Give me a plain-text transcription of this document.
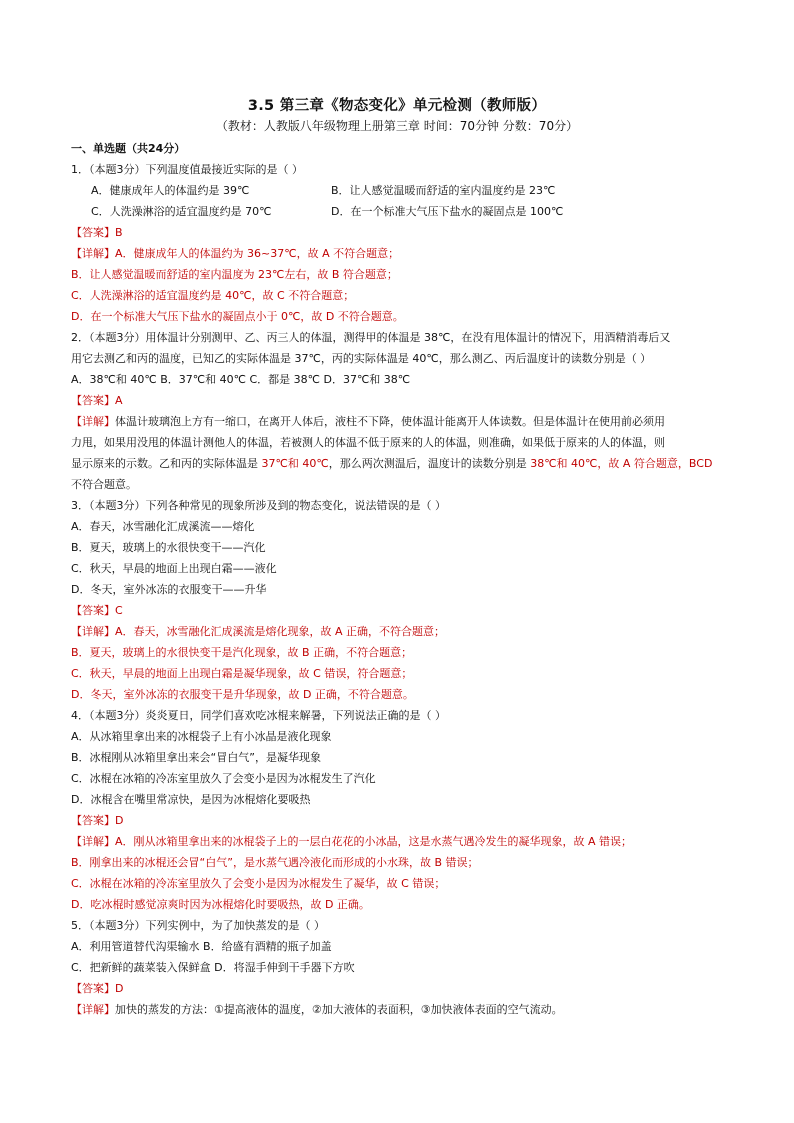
3.5 第三章《物态变化》单元检测（教师版）
（教材：人教版八年级物理上册第三章 时间：70分钟 分数：70分）
一、单选题（共24分）
1．（本题3分）下列温度值最接近实际的是（ ）
A．健康成年人的体温约是 39℃	B．让人感觉温暖而舒适的室内温度约是 23℃
C．人洗澡淋浴的适宜温度约是 70℃	D．在一个标准大气压下盐水的凝固点是 100℃
【答案】B
【详解】A．健康成年人的体温约为 36~37℃，故 A 不符合题意；
B．让人感觉温暖而舒适的室内温度为 23℃左右，故 B 符合题意；
C．人洗澡淋浴的适宜温度约是 40℃，故 C 不符合题意；
D．在一个标准大气压下盐水的凝固点小于 0℃，故 D 不符合题意。
2．（本题3分）用体温计分别测甲、乙、丙三人的体温，测得甲的体温是 38℃，在没有甩体温计的情况下，用酒精消毒后又
用它去测乙和丙的温度，已知乙的实际体温是 37℃，丙的实际体温是 40℃，那么测乙、丙后温度计的读数分别是（ ）
A．38℃和 40℃ B．37℃和 40℃ C．都是 38℃ D．37℃和 38℃
【答案】A
【详解】体温计玻璃泡上方有一缩口，在离开人体后，液柱不下降，使体温计能离开人体读数。但是体温计在使用前必须用
力甩，如果用没甩的体温计测他人的体温，若被测人的体温不低于原来的人的体温，则准确，如果低于原来的人的体温，则
显示原来的示数。乙和丙的实际体温是 37℃和 40℃，那么两次测温后，温度计的读数分别是 38℃和 40℃，故 A 符合题意，BCD
不符合题意。
3．（本题3分）下列各种常见的现象所涉及到的物态变化，说法错误的是（ ）
A．春天，冰雪融化汇成溪流——熔化
B．夏天，玻璃上的水很快变干——汽化
C．秋天，早晨的地面上出现白霜——液化
D．冬天，室外冰冻的衣服变干——升华
【答案】C
【详解】A．春天，冰雪融化汇成溪流是熔化现象，故 A 正确，不符合题意；
B．夏天，玻璃上的水很快变干是汽化现象，故 B 正确，不符合题意；
C．秋天，早晨的地面上出现白霜是凝华现象，故 C 错误，符合题意；
D．冬天，室外冰冻的衣服变干是升华现象，故 D 正确，不符合题意。
4．（本题3分）炎炎夏日，同学们喜欢吃冰棍来解暑，下列说法正确的是（ ）
A．从冰箱里拿出来的冰棍袋子上有小冰晶是液化现象
B．冰棍刚从冰箱里拿出来会“冒白气”，是凝华现象
C．冰棍在冰箱的冷冻室里放久了会变小是因为冰棍发生了汽化
D．冰棍含在嘴里常凉快，是因为冰棍熔化要吸热
【答案】D
【详解】A．刚从冰箱里拿出来的冰棍袋子上的一层白花花的小冰晶，这是水蒸气遇冷发生的凝华现象，故 A 错误；
B．刚拿出来的冰棍还会冒“白气”，是水蒸气遇冷液化而形成的小水珠，故 B 错误；
C．冰棍在冰箱的冷冻室里放久了会变小是因为冰棍发生了凝华，故 C 错误；
D．吃冰棍时感觉凉爽时因为冰棍熔化时要吸热，故 D 正确。
5．（本题3分）下列实例中，为了加快蒸发的是（ ）
A．利用管道替代沟渠输水 B．给盛有酒精的瓶子加盖
C．把新鲜的蔬菜装入保鲜盒 D．将湿手伸到干手器下方吹
【答案】D
【详解】加快的蒸发的方法：①提高液体的温度，②加大液体的表面积，③加快液体表面的空气流动。
